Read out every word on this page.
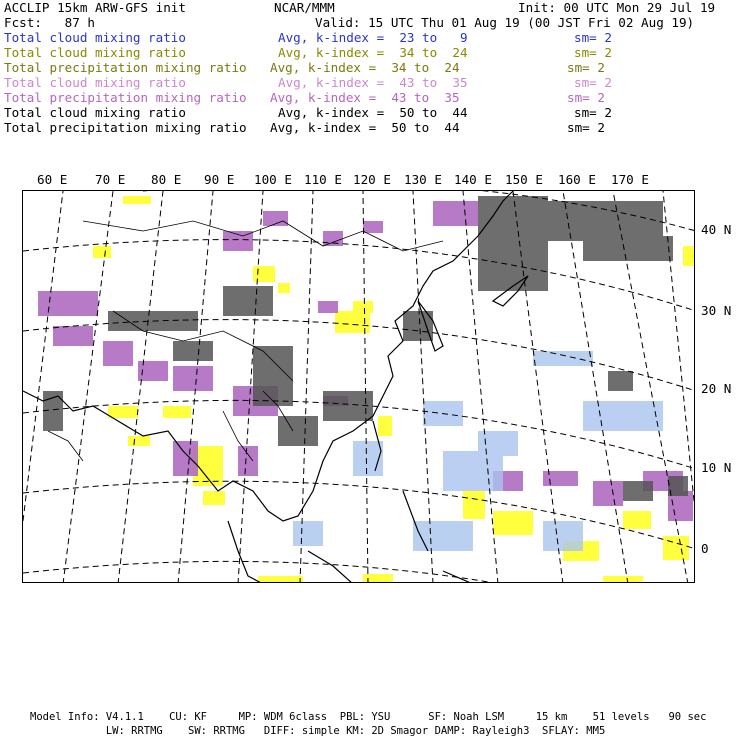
ACCLIP 15km ARW-GFS init	NCAR/MMM	Init: 00 UTC Mon 29 Jul 19
Fcst:   87 h	Valid: 15 UTC Thu 01 Aug 19 (00 JST Fri 02 Aug 19)
Total cloud mixing ratio	Avg, k-index =  23 to   9	sm= 2
Total cloud mixing ratio	Avg, k-index =  34 to  24	sm= 2
Total precipitation mixing ratio Avg, k-index =  34 to  24	sm= 2
Total cloud mixing ratio	Avg, k-index =  43 to  35	sm= 2
Total precipitation mixing ratio Avg, k-index =  43 to  35	sm= 2
Total cloud mixing ratio	Avg, k-index =  50 to  44	sm= 2
Total precipitation mixing ratio Avg, k-index =  50 to  44	sm= 2
60 E 70 E 80 E 90 E 100 E 110 E 120 E 130 E 140 E 150 E 160 E 170 E
40 N
30 N
20 N
10 N
0
Model Info: V4.1.1    CU: KF     MP: WDM 6class  PBL: YSU      SF: Noah LSM     15 km    51 levels   90 sec
LW: RRTMG    SW: RRTMG   DIFF: simple KM: 2D Smagor DAMP: Rayleigh3  SFLAY: MM5
